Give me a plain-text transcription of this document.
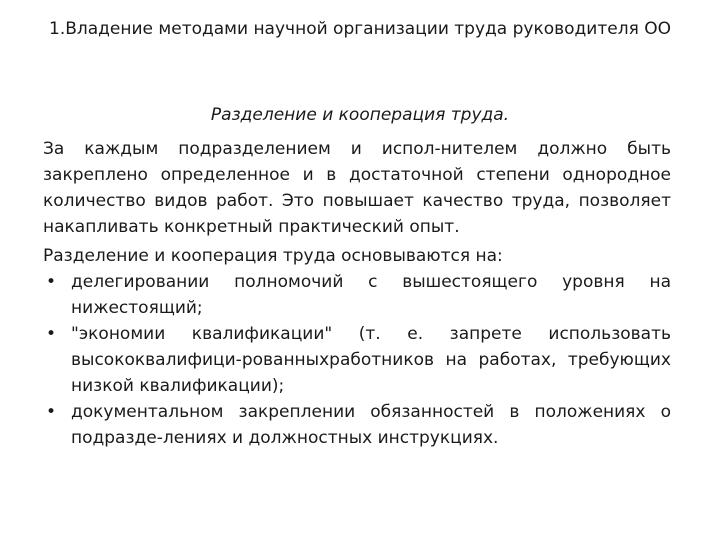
1.Владение методами научной организации труда руководителя ОО
Разделение и кооперация труда.

За каждым подразделением и испол-нителем должно быть закреплено определенное и в достаточной степени однородное количество видов работ. Это повышает качество труда, позволяет накапливать конкретный практический опыт.

Разделение и кооперация труда основываются на:

• делегировании полномочий с вышестоящего уровня на нижестоящий;
• "экономии квалификации" (т. е. запрете использовать высококвалифици-рованныхработников на работах, требующих низкой квалификации);
• документальном закреплении обязанностей в положениях о подразде-лениях и должностных инструкциях.
